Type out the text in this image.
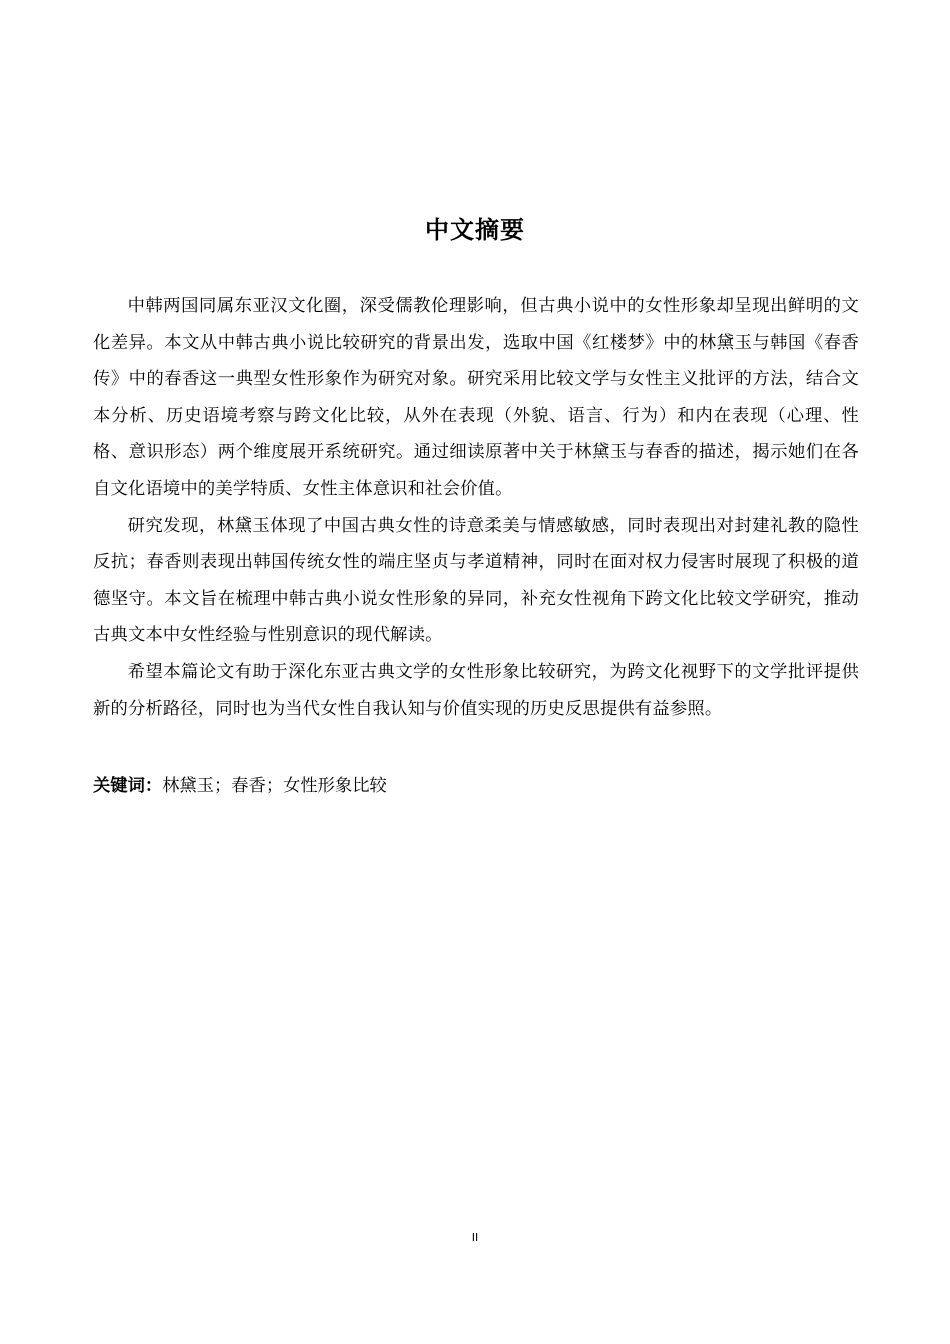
中文摘要

中韩两国同属东亚汉文化圈，深受儒教伦理影响，但古典小说中的女性形象却呈现出鲜明的文化差异。本文从中韩古典小说比较研究的背景出发，选取中国《红楼梦》中的林黛玉与韩国《春香传》中的春香这一典型女性形象作为研究对象。研究采用比较文学与女性主义批评的方法，结合文本分析、历史语境考察与跨文化比较，从外在表现（外貌、语言、行为）和内在表现（心理、性格、意识形态）两个维度展开系统研究。通过细读原著中关于林黛玉与春香的描述，揭示她们在各自文化语境中的美学特质、女性主体意识和社会价值。

研究发现，林黛玉体现了中国古典女性的诗意柔美与情感敏感，同时表现出对封建礼教的隐性反抗；春香则表现出韩国传统女性的端庄坚贞与孝道精神，同时在面对权力侵害时展现了积极的道德坚守。本文旨在梳理中韩古典小说女性形象的异同，补充女性视角下跨文化比较文学研究，推动古典文本中女性经验与性别意识的现代解读。

希望本篇论文有助于深化东亚古典文学的女性形象比较研究，为跨文化视野下的文学批评提供新的分析路径，同时也为当代女性自我认知与价值实现的历史反思提供有益参照。

关键词：林黛玉；春香；女性形象比较
II
